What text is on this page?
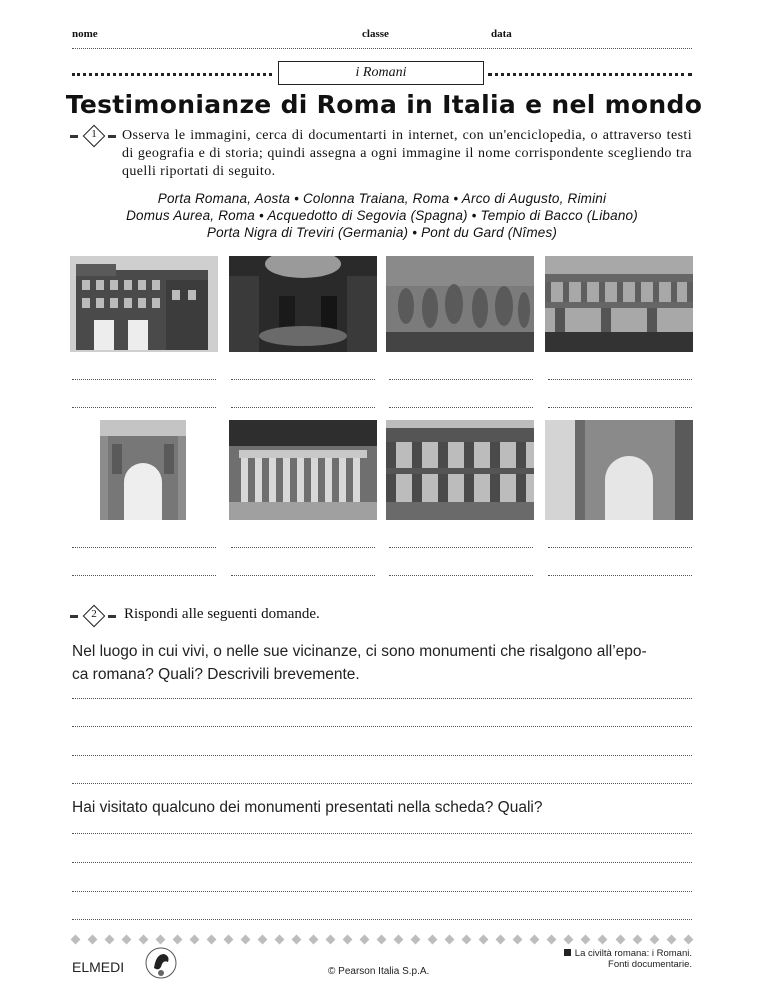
nome	classe	data
i Romani
Testimonianze di Roma in Italia e nel mondo
1	Osserva le immagini, cerca di documentarti in internet, con un'enciclopedia, o attraverso testi di geografia e di storia; quindi assegna a ogni immagine il nome corrispondente scegliendo tra quelli riportati di seguito.
Porta Romana, Aosta • Colonna Traiana, Roma • Arco di Augusto, Rimini
Domus Aurea, Roma • Acquedotto di Segovia (Spagna) • Tempio di Bacco (Libano)
Porta Nigra di Treviri (Germania) • Pont du Gard (Nîmes)
2	Rispondi alle seguenti domande.
Nel luogo in cui vivi, o nelle sue vicinanze, ci sono monumenti che risalgono all’epo-
ca romana? Quali? Descrivili brevemente.
Hai visitato qualcuno dei monumenti presentati nella scheda? Quali?
ELMEDI	© Pearson Italia S.p.A.
La civiltà romana: i Romani.
Fonti documentarie.
